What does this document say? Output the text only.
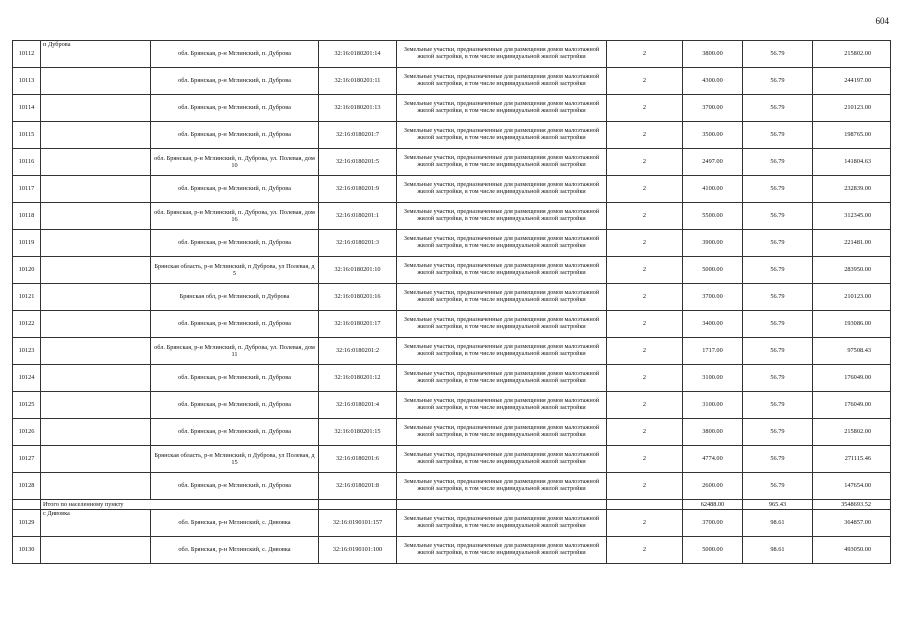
604
10112	п Дуброва	обл. Брянская, р-н Мглинский, п. Дуброва	32:16:0180201:14	Земельные участки, предназначенные для размещения домов малоэтажной жилой застройки, в том числе индивидуальной жилой застройки	2	3800.00	56.79	215802.00
10113		обл. Брянская, р-н Мглинский, п. Дуброва	32:16:0180201:11	Земельные участки, предназначенные для размещения домов малоэтажной жилой застройки, в том числе индивидуальной жилой застройки	2	4300.00	56.79	244197.00
10114		обл. Брянская, р-н Мглинский, п. Дуброва	32:16:0180201:13	Земельные участки, предназначенные для размещения домов малоэтажной жилой застройки, в том числе индивидуальной жилой застройки	2	3700.00	56.79	210123.00
10115		обл. Брянская, р-н Мглинский, п. Дуброва	32:16:0180201:7	Земельные участки, предназначенные для размещения домов малоэтажной жилой застройки, в том числе индивидуальной жилой застройки	2	3500.00	56.79	198765.00
10116		обл. Брянская, р-н Мглинский, п. Дуброва, ул. Полевая, дом 10	32:16:0180201:5	Земельные участки, предназначенные для размещения домов малоэтажной жилой застройки, в том числе индивидуальной жилой застройки	2	2497.00	56.79	141804.63
10117		обл. Брянская, р-н Мглинский, п. Дуброва	32:16:0180201:9	Земельные участки, предназначенные для размещения домов малоэтажной жилой застройки, в том числе индивидуальной жилой застройки	2	4100.00	56.79	232839.00
10118		обл. Брянская, р-н Мглинский, п. Дуброва, ул. Полевая, дом 16	32:16:0180201:1	Земельные участки, предназначенные для размещения домов малоэтажной жилой застройки, в том числе индивидуальной жилой застройки	2	5500.00	56.79	312345.00
10119		обл. Брянская, р-н Мглинский, п. Дуброва	32:16:0180201:3	Земельные участки, предназначенные для размещения домов малоэтажной жилой застройки, в том числе индивидуальной жилой застройки	2	3900.00	56.79	221481.00
10120		Брянская область, р-н Мглинский, п Дуброва, ул Полевая, д 5	32:16:0180201:10	Земельные участки, предназначенные для размещения домов малоэтажной жилой застройки, в том числе индивидуальной жилой застройки	2	5000.00	56.79	283950.00
10121		Брянская обл, р-н Мглинский, п Дуброва	32:16:0180201:16	Земельные участки, предназначенные для размещения домов малоэтажной жилой застройки, в том числе индивидуальной жилой застройки	2	3700.00	56.79	210123.00
10122		обл. Брянская, р-н Мглинский, п. Дуброва	32:16:0180201:17	Земельные участки, предназначенные для размещения домов малоэтажной жилой застройки, в том числе индивидуальной жилой застройки	2	3400.00	56.79	193086.00
10123		обл. Брянская, р-н Мглинский, п. Дуброва, ул. Полевая, дом 11	32:16:0180201:2	Земельные участки, предназначенные для размещения домов малоэтажной жилой застройки, в том числе индивидуальной жилой застройки	2	1717.00	56.79	97508.43
10124		обл. Брянская, р-н Мглинский, п. Дуброва	32:16:0180201:12	Земельные участки, предназначенные для размещения домов малоэтажной жилой застройки, в том числе индивидуальной жилой застройки	2	3100.00	56.79	176049.00
10125		обл. Брянская, р-н Мглинский, п. Дуброва	32:16:0180201:4	Земельные участки, предназначенные для размещения домов малоэтажной жилой застройки, в том числе индивидуальной жилой застройки	2	3100.00	56.79	176049.00
10126		обл. Брянская, р-н Мглинский, п. Дуброва	32:16:0180201:15	Земельные участки, предназначенные для размещения домов малоэтажной жилой застройки, в том числе индивидуальной жилой застройки	2	3800.00	56.79	215802.00
10127		Брянская область, р-н Мглинский, п Дуброва, ул Полевая, д 15	32:16:0180201:6	Земельные участки, предназначенные для размещения домов малоэтажной жилой застройки, в том числе индивидуальной жилой застройки	2	4774.00	56.79	271115.46
10128		обл. Брянская, р-н Мглинский, п. Дуброва	32:16:0180201:8	Земельные участки, предназначенные для размещения домов малоэтажной жилой застройки, в том числе индивидуальной жилой застройки	2	2600.00	56.79	147654.00
	Итого по населенному пункту					62488.00	965.43	3548693.52
10129	с Дивовка	обл. Брянская, р-н Мглинский, с. Дивовка	32:16:0190101:157	Земельные участки, предназначенные для размещения домов малоэтажной жилой застройки, в том числе индивидуальной жилой застройки	2	3700.00	98.61	364857.00
10130		обл. Брянская, р-н Мглинский, с. Дивовка	32:16:0190101:100	Земельные участки, предназначенные для размещения домов малоэтажной жилой застройки, в том числе индивидуальной жилой застройки	2	5000.00	98.61	493050.00
